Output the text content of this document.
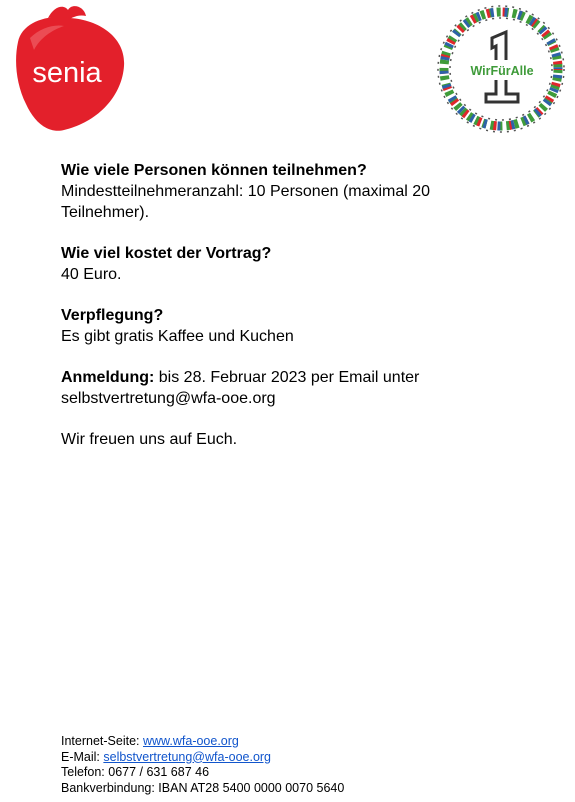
senia	WirFürAlle
Wie viele Personen können teilnehmen?
Mindestteilnehmeranzahl: 10 Personen (maximal 20
Teilnehmer).
Wie viel kostet der Vortrag?
40 Euro.
Verpflegung?
Es gibt gratis Kaffee und Kuchen
Anmeldung: bis 28. Februar 2023 per Email unter
selbstvertretung@wfa-ooe.org
Wir freuen uns auf Euch.
Internet-Seite: www.wfa-ooe.org
E-Mail: selbstvertretung@wfa-ooe.org
Telefon: 0677 / 631 687 46
Bankverbindung: IBAN AT28 5400 0000 0070 5640
